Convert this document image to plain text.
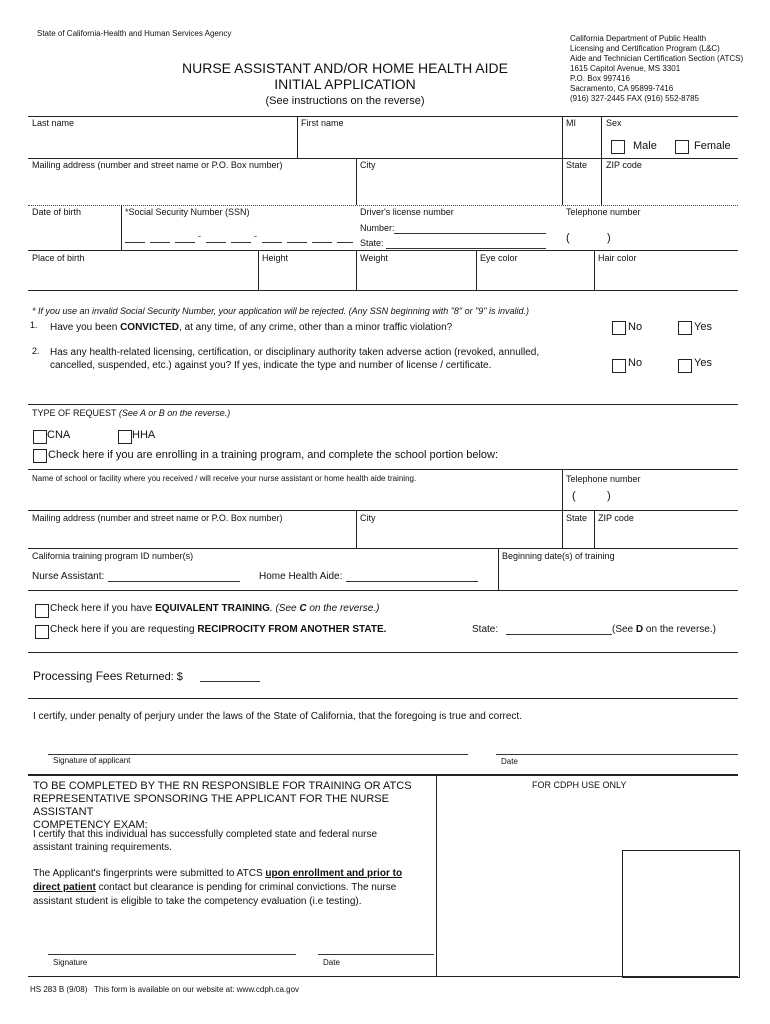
State of California-Health and Human Services Agency
California Department of Public Health
Licensing and Certification Program (L&C)
Aide and Technician Certification Section (ATCS)
1615 Capitol Avenue, MS 3301
P.O. Box 997416
Sacramento, CA 95899-7416
(916) 327-2445 FAX (916) 552-8785
NURSE ASSISTANT AND/OR HOME HEALTH AIDE
INITIAL APPLICATION
(See instructions on the reverse)
Last name	First name	MI	Sex
Male	Female
Mailing address (number and street name or P.O. Box number)	City	State ZIP code
Date of birth	*Social Security Number (SSN)	Driver's license number	Telephone number
-	-
Number:
State:	(	)
Place of birth	Height	Weight	Eye color	Hair color
* If you use an invalid Social Security Number, your application will be rejected. (Any SSN beginning with "8" or "9" is invalid.)
1. Have you been CONVICTED, at any time, of any crime, other than a minor traffic violation?	No	Yes
2. Has any health-related licensing, certification, or disciplinary authority taken adverse action (revoked, annulled,
cancelled, suspended, etc.) against you? If yes, indicate the type and number of license / certificate.	No	Yes
TYPE OF REQUEST (See A or B on the reverse.)
CNA	HHA
Check here if you are enrolling in a training program, and complete the school portion below:
Name of school or facility where you received / will receive your nurse assistant or home health aide training.	Telephone number
(	)
Mailing address (number and street name or P.O. Box number)	City	State ZIP code
California training program ID number(s)	Beginning date(s) of training
Nurse Assistant:	Home Health Aide:
Check here if you have EQUIVALENT TRAINING. (See C on the reverse.)
Check here if you are requesting RECIPROCITY FROM ANOTHER STATE.	State:	(See D on the reverse.)
Processing Fees Returned: $
I certify, under penalty of perjury under the laws of the State of California, that the foregoing is true and correct.
Signature of applicant	Date
TO BE COMPLETED BY THE RN RESPONSIBLE FOR TRAINING OR ATCS
REPRESENTATIVE SPONSORING THE APPLICANT FOR THE NURSE ASSISTANT
COMPETENCY EXAM:
I certify that this individual has successfully completed state and federal nurse
assistant training requirements.
The Applicant's fingerprints were submitted to ATCS upon enrollment and prior to
direct patient contact but clearance is pending for criminal convictions. The nurse
assistant student is eligible to take the competency evaluation (i.e testing).
Signature	Date
FOR CDPH USE ONLY
HS 283 B (9/08) This form is available on our website at: www.cdph.ca.gov
